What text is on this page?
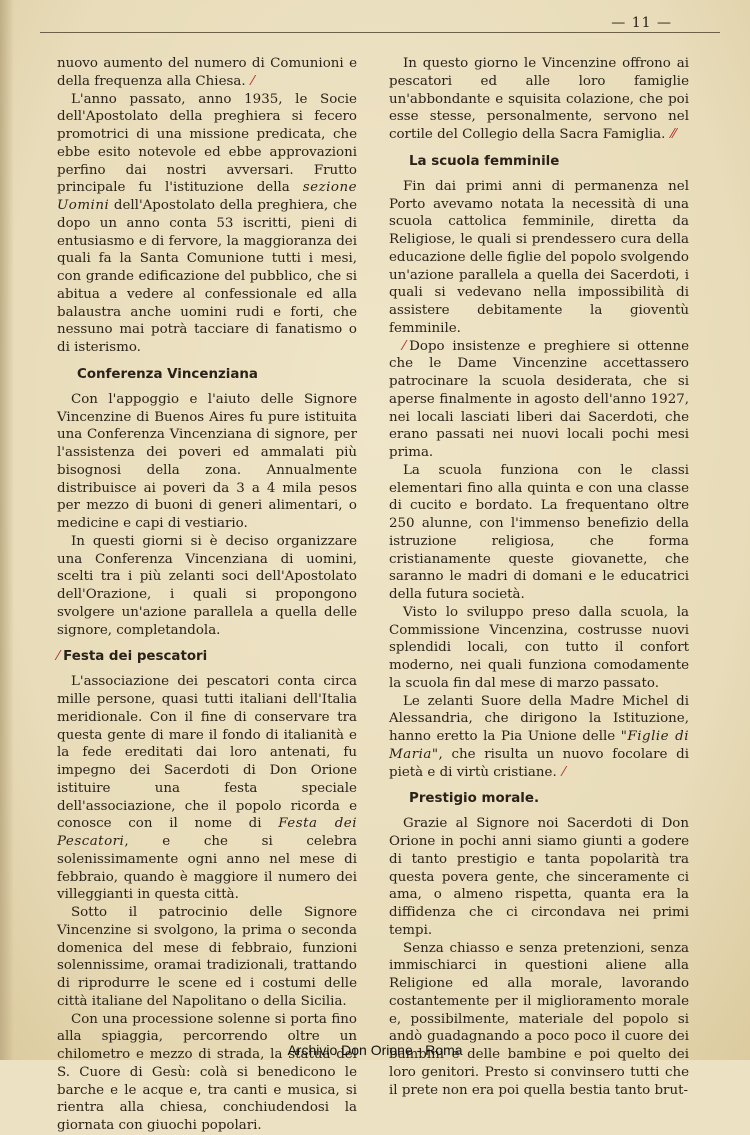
— 11 —

nuovo aumento del numero di Comunioni e della frequenza alla Chiesa. ⁄

L'anno passato, anno 1935, le Socie dell'Apostolato della preghiera si fecero promotrici di una missione predicata, che ebbe esito notevole ed ebbe approvazioni perfino dai nostri avversari. Frutto principale fu l'istituzione della sezione Uomini dell'Apostolato della preghiera, che dopo un anno conta 53 iscritti, pieni di entusiasmo e di fervore, la maggioranza dei quali fa la Santa Comunione tutti i mesi, con grande edificazione del pubblico, che si abitua a vedere al confessionale ed alla balaustra anche uomini rudi e forti, che nessuno mai potrà tacciare di fanatismo o di isterismo.

Conferenza Vincenziana

Con l'appoggio e l'aiuto delle Signore Vincenzine di Buenos Aires fu pure istituita una Conferenza Vincenziana di signore, per l'assistenza dei poveri ed ammalati più bisognosi della zona. Annualmente distribuisce ai poveri da 3 a 4 mila pesos per mezzo di buoni di generi alimentari, o medicine e capi di vestiario.

In questi giorni si è deciso organizzare una Conferenza Vincenziana di uomini, scelti tra i più zelanti soci dell'Apostolato dell'Orazione, i quali si propongono svolgere un'azione parallela a quella delle signore, completandola.

⁄ Festa dei pescatori

L'associazione dei pescatori conta circa mille persone, quasi tutti italiani dell'Italia meridionale. Con il fine di conservare tra questa gente di mare il fondo di italianità e la fede ereditati dai loro antenati, fu impegno dei Sacerdoti di Don Orione istituire una festa speciale dell'associazione, che il popolo ricorda e conosce con il nome di Festa dei Pescatori, e che si celebra solenissimamente ogni anno nel mese di febbraio, quando è maggiore il numero dei villeggianti in questa città.

Sotto il patrocinio delle Signore Vincenzine si svolgono, la prima o seconda domenica del mese di febbraio, funzioni solennissime, oramai tradizionali, trattando di riprodurre le scene ed i costumi delle città italiane del Napolitano o della Sicilia.

Con una processione solenne si porta fino alla spiaggia, percorrendo oltre un chilometro e mezzo di strada, la statua del S. Cuore di Gesù: colà si benedicono le barche e le acque e, tra canti e musica, si rientra alla chiesa, conchiudendosi la giornata con giuochi popolari.

In questo giorno le Vincenzine offrono ai pescatori ed alle loro famiglie un'abbondante e squisita colazione, che poi esse stesse, personalmente, servono nel cortile del Collegio della Sacra Famiglia. ⁄⁄

La scuola femminile

Fin dai primi anni di permanenza nel Porto avevamo notata la necessità di una scuola cattolica femminile, diretta da Religiose, le quali si prendessero cura della educazione delle figlie del popolo svolgendo un'azione parallela a quella dei Sacerdoti, i quali si vedevano nella impossibilità di assistere debitamente la gioventù femminile.

⁄ Dopo insistenze e preghiere si ottenne che le Dame Vincenzine accettassero patrocinare la scuola desiderata, che si aperse finalmente in agosto dell'anno 1927, nei locali lasciati liberi dai Sacerdoti, che erano passati nei nuovi locali pochi mesi prima.

La scuola funziona con le classi elementari fino alla quinta e con una classe di cucito e bordato. La frequentano oltre 250 alunne, con l'immenso benefizio della istruzione religiosa, che forma cristianamente queste giovanette, che saranno le madri di domani e le educatrici della futura società.

Visto lo sviluppo preso dalla scuola, la Commissione Vincenzina, costrusse nuovi splendidi locali, con tutto il confort moderno, nei quali funziona comodamente la scuola fin dal mese di marzo passato.

Le zelanti Suore della Madre Michel di Alessandria, che dirigono la Istituzione, hanno eretto la Pia Unione delle "Figlie di Maria", che risulta un nuovo focolare di pietà e di virtù cristiane. ⁄

Prestigio morale.

Grazie al Signore noi Sacerdoti di Don Orione in pochi anni siamo giunti a godere di tanto prestigio e tanta popolarità tra questa povera gente, che sinceramente ci ama, o almeno rispetta, quanta era la diffidenza che ci circondava nei primi tempi.

Senza chiasso e senza pretenzioni, senza immischiarci in questioni aliene alla Religione ed alla morale, lavorando costantemente per il miglioramento morale e, possibilmente, materiale del popolo si andò guadagnando a poco poco il cuore dei bambini e delle bambine e poi quelto dei loro genitori. Presto si convinsero tutti che il prete non era poi quella bestia tanto brut-

Archivio Don Orione - Roma
